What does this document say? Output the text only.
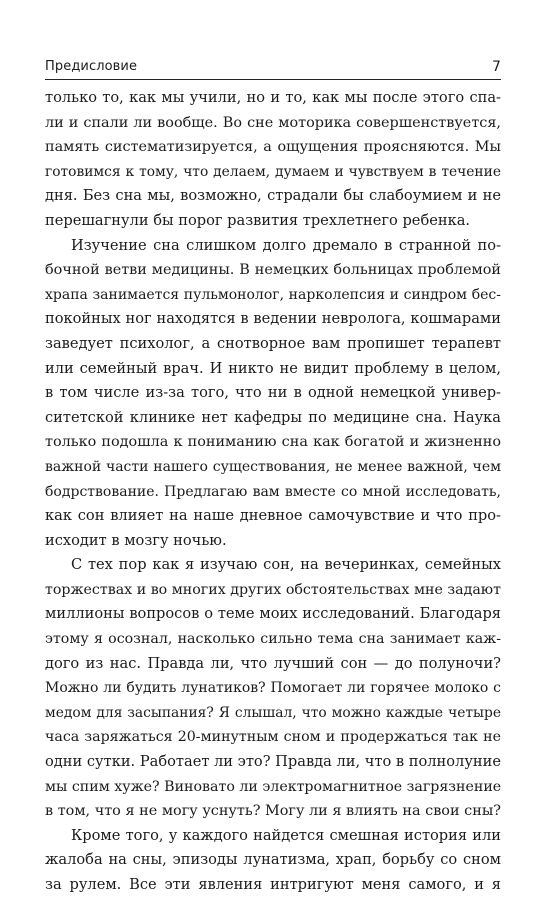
Предисловие	7
только то, как мы учили, но и то, как мы после этого спа-
ли и спали ли вообще. Во сне моторика совершенствуется,
память систематизируется, а ощущения проясняются. Мы
готовимся к тому, что делаем, думаем и чувствуем в течение
дня. Без сна мы, возможно, страдали бы слабоумием и не
перешагнули бы порог развития трехлетнего ребенка.
Изучение сна слишком долго дремало в странной по-
бочной ветви медицины. В немецких больницах проблемой
храпа занимается пульмонолог, нарколепсия и синдром бес-
покойных ног находятся в ведении невролога, кошмарами
заведует психолог, а снотворное вам пропишет терапевт
или семейный врач. И никто не видит проблему в целом,
в том числе из-за того, что ни в одной немецкой универ-
ситетской клинике нет кафедры по медицине сна. Наука
только подошла к пониманию сна как богатой и жизненно
важной части нашего существования, не менее важной, чем
бодрствование. Предлагаю вам вместе со мной исследовать,
как сон влияет на наше дневное самочувствие и что про-
исходит в мозгу ночью.
С тех пор как я изучаю сон, на вечеринках, семейных
торжествах и во многих других обстоятельствах мне задают
миллионы вопросов о теме моих исследований. Благодаря
этому я осознал, насколько сильно тема сна занимает каж-
дого из нас. Правда ли, что лучший сон — до полуночи?
Можно ли будить лунатиков? Помогает ли горячее молоко с
медом для засыпания? Я слышал, что можно каждые четыре
часа заряжаться 20-минутным сном и продержаться так не
одни сутки. Работает ли это? Правда ли, что в полнолуние
мы спим хуже? Виновато ли электромагнитное загрязнение
в том, что я не могу уснуть? Могу ли я влиять на свои сны?
Кроме того, у каждого найдется смешная история или
жалоба на сны, эпизоды лунатизма, храп, борьбу со сном
за рулем. Все эти явления интригуют меня самого, и я
